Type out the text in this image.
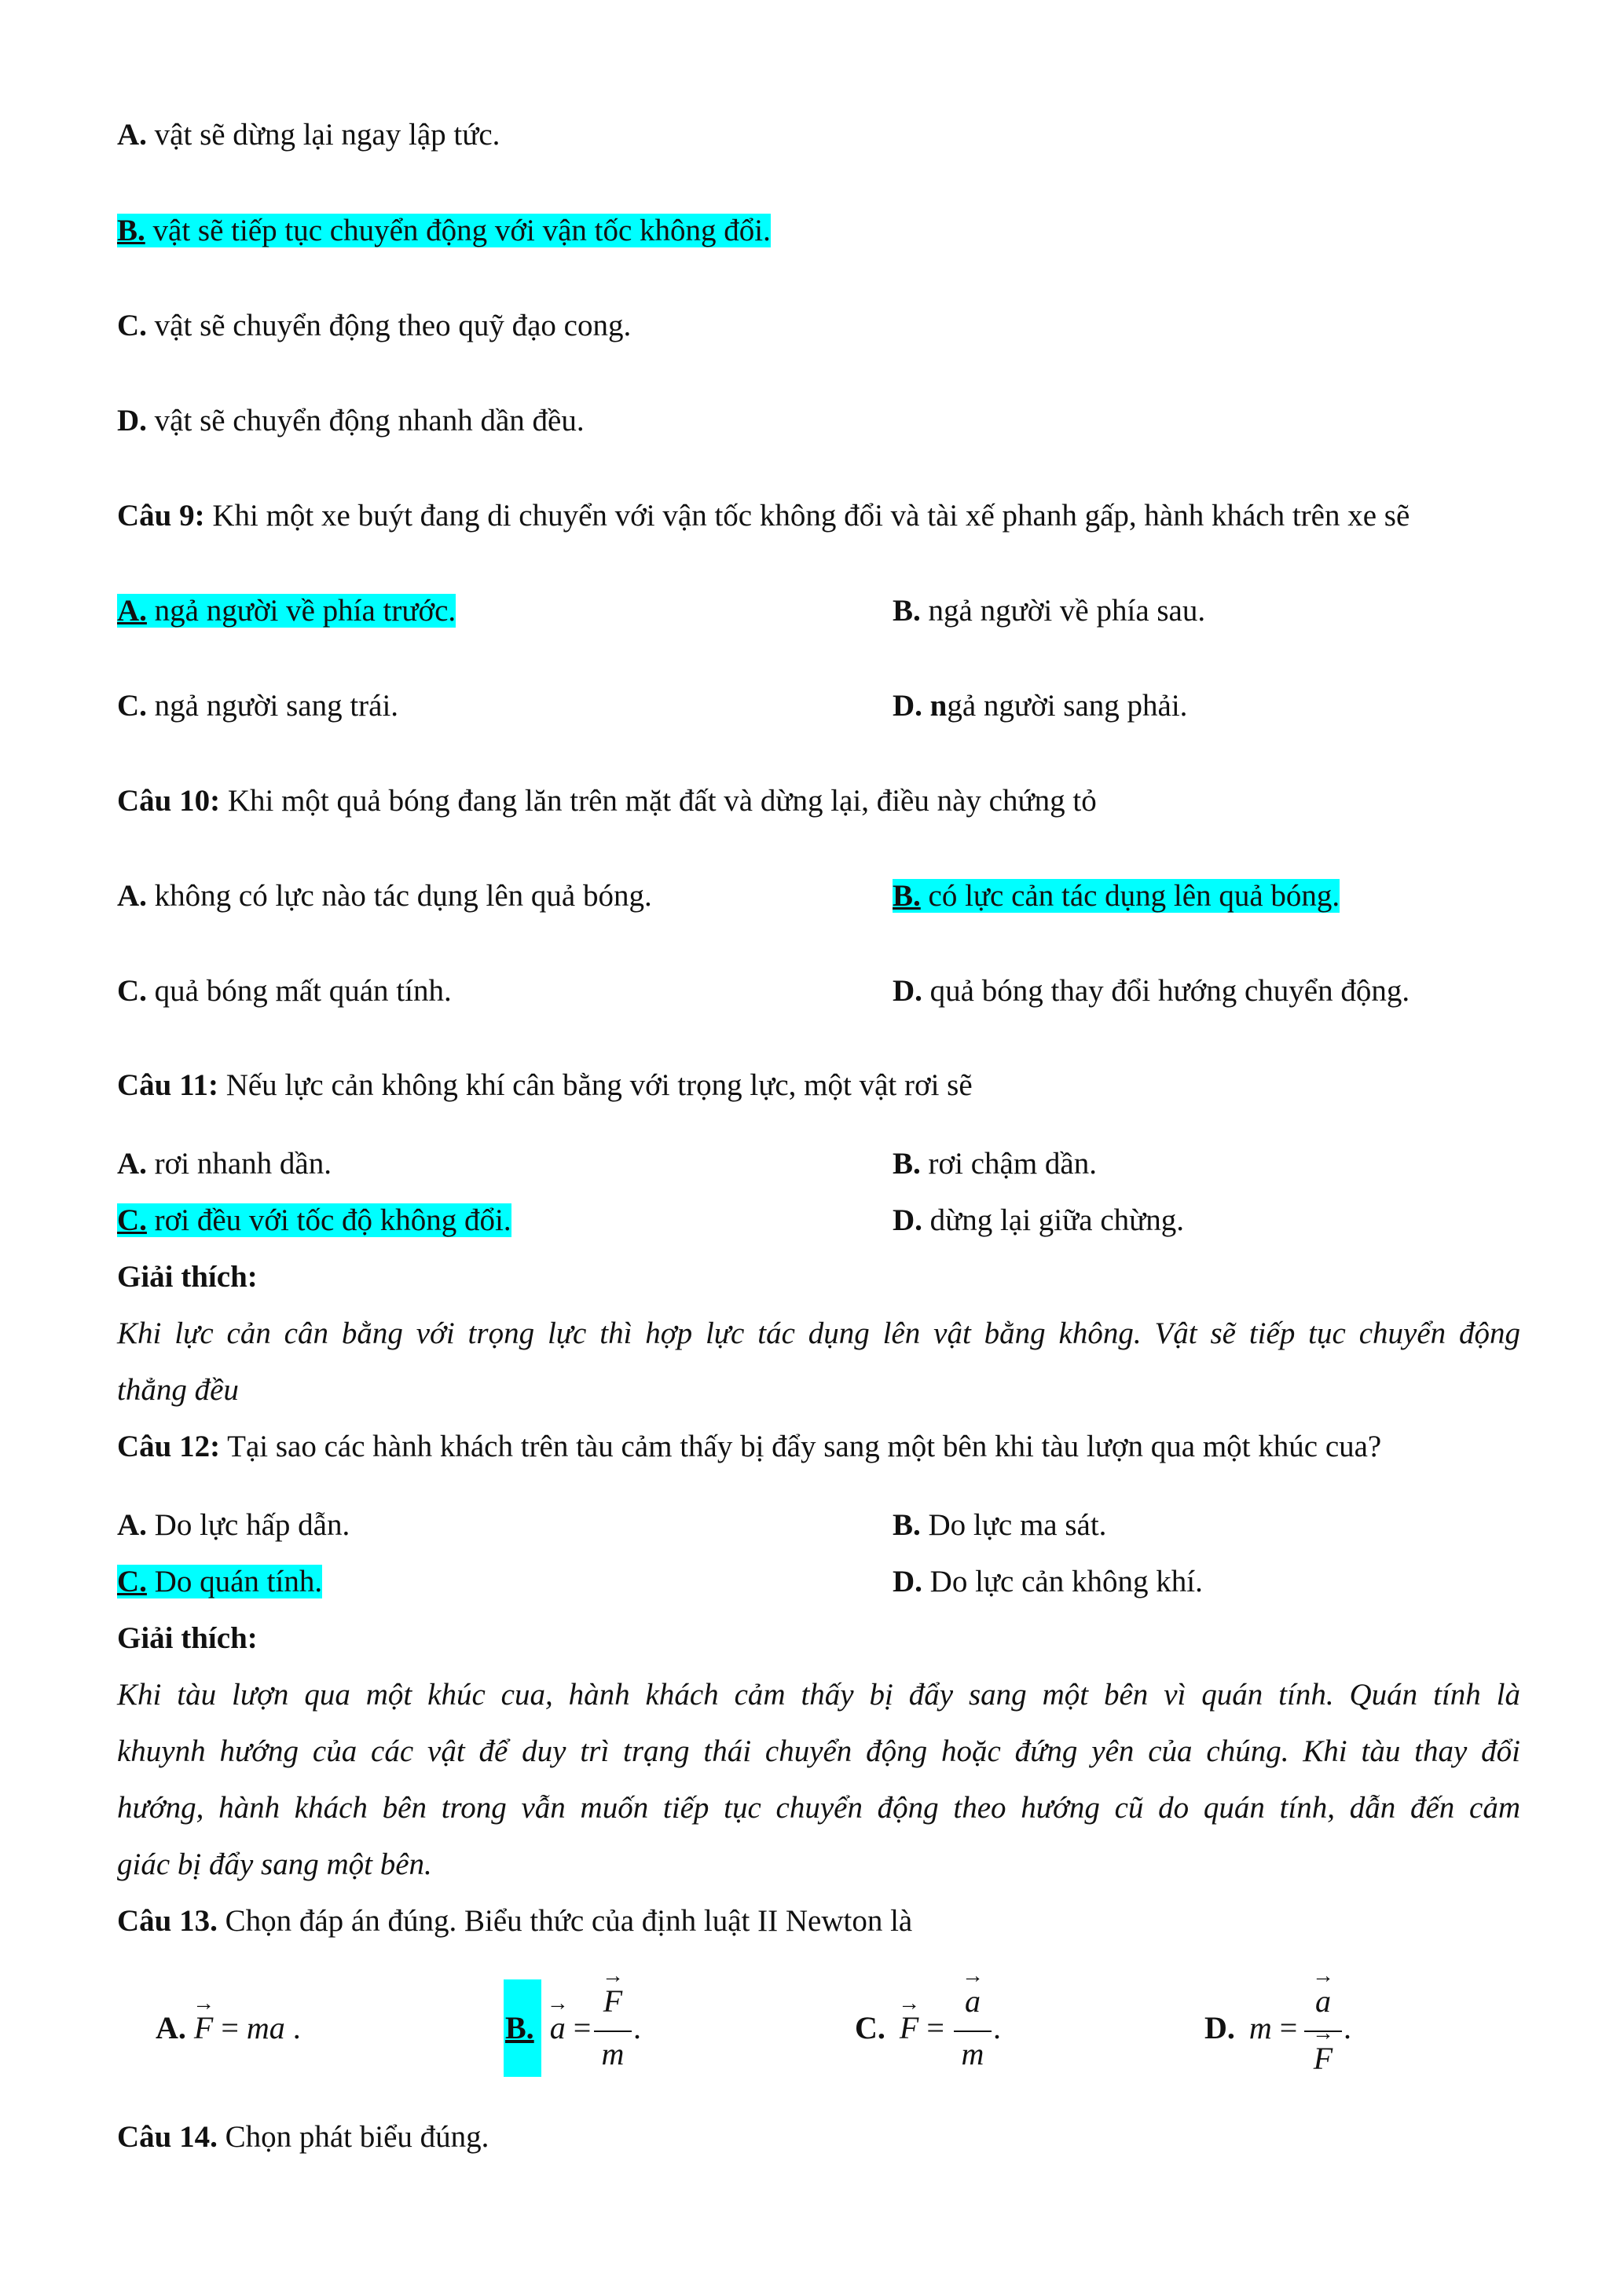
A. vật sẽ dừng lại ngay lập tức.
B. vật sẽ tiếp tục chuyển động với vận tốc không đổi.
C. vật sẽ chuyển động theo quỹ đạo cong.
D. vật sẽ chuyển động nhanh dần đều.
Câu 9: Khi một xe buýt đang di chuyển với vận tốc không đổi và tài xế phanh gấp, hành khách trên xe sẽ
A. ngả người về phía trước.	B. ngả người về phía sau.
C. ngả người sang trái.	D. ngả người sang phải.
Câu 10: Khi một quả bóng đang lăn trên mặt đất và dừng lại, điều này chứng tỏ
A. không có lực nào tác dụng lên quả bóng.	B. có lực cản tác dụng lên quả bóng.
C. quả bóng mất quán tính.	D. quả bóng thay đổi hướng chuyển động.
Câu 11: Nếu lực cản không khí cân bằng với trọng lực, một vật rơi sẽ
A. rơi nhanh dần.	B. rơi chậm dần.
C. rơi đều với tốc độ không đổi.	D. dừng lại giữa chừng.
Giải thích:
Khi lực cản cân bằng với trọng lực thì hợp lực tác dụng lên vật bằng không. Vật sẽ tiếp tục chuyển động
thẳng đều
Câu 12: Tại sao các hành khách trên tàu cảm thấy bị đẩy sang một bên khi tàu lượn qua một khúc cua?
A. Do lực hấp dẫn.	B. Do lực ma sát.
C. Do quán tính.	D. Do lực cản không khí.
Giải thích:
Khi tàu lượn qua một khúc cua, hành khách cảm thấy bị đẩy sang một bên vì quán tính. Quán tính là
khuynh hướng của các vật để duy trì trạng thái chuyển động hoặc đứng yên của chúng. Khi tàu thay đổi
hướng, hành khách bên trong vẫn muốn tiếp tục chuyển động theo hướng cũ do quán tính, dẫn đến cảm
giác bị đẩy sang một bên.
Câu 13. Chọn đáp án đúng. Biểu thức của định luật II Newton là
A. → F = ma .	B. → a =
→ F
m
.	C. → F =
→ a
m
.	D. m =
→ a
→ F
.
Câu 14. Chọn phát biểu đúng.
